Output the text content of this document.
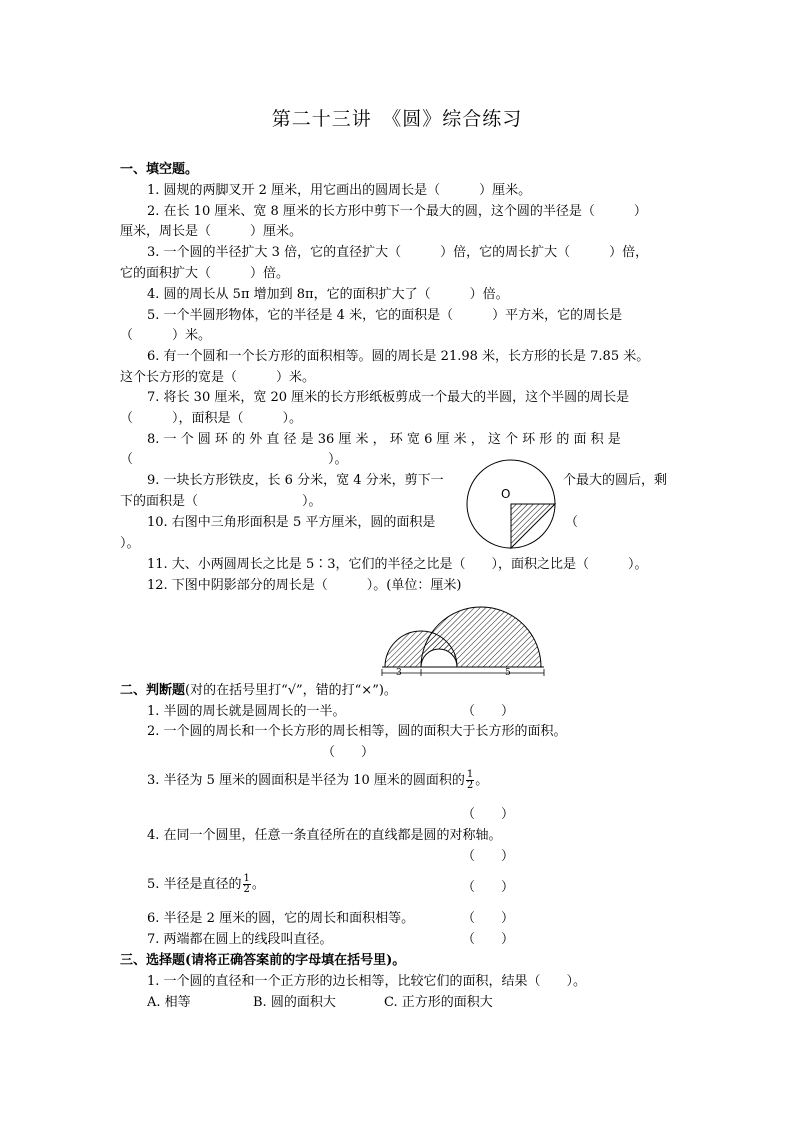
第二十三讲　《圆》综合练习
一、填空题。
1. 圆规的两脚叉开 2 厘米，用它画出的圆周长是（　　　）厘米。
2. 在长 10 厘米、宽 8 厘米的长方形中剪下一个最大的圆，这个圆的半径是（　　　）
厘米，周长是（　　　）厘米。
3. 一个圆的半径扩大 3 倍，它的直径扩大（　　　）倍，它的周长扩大（　　　）倍，
它的面积扩大（　　　）倍。
4. 圆的周长从 5π 增加到 8π，它的面积扩大了（　　　）倍。
5. 一个半圆形物体，它的半径是 4 米，它的面积是（　　　）平方米，它的周长是
（　　　）米。
6. 有一个圆和一个长方形的面积相等。圆的周长是 21.98 米，长方形的长是 7.85 米。
这个长方形的宽是（　　　）米。
7. 将长 30 厘米，宽 20 厘米的长方形纸板剪成一个最大的半圆，这个半圆的周长是
（　　　），面积是（　　　）。
8. 一 个 圆 环 的 外 直 径 是 36 厘 米 ， 环 宽 6 厘 米 ， 这 个 环 形 的 面 积 是
（　　　　　　　　　　　　　　　）。
9. 一块长方形铁皮，长 6 分米，宽 4 分米，剪下一	个最大的圆后，剩
下的面积是（　　　　　　　　）。
10. 右图中三角形面积是 5 平方厘米，圆的面积是	（
）。
O
11. 大、小两圆周长之比是 5∶3，它们的半径之比是（　　），面积之比是（　　　）。
12. 下图中阴影部分的周长是（　　　）。(单位：厘米)
3	5
二、判断题(对的在括号里打“√”，错的打“×”)。
1. 半圆的周长就是圆周长的一半。	（　　）
2. 一个圆的周长和一个长方形的周长相等，圆的面积大于长方形的面积。
（　　）
3. 半径为 5 厘米的圆面积是半径为 10 厘米的圆面积的 $\frac{1}{2}$ 。
（　　）
4. 在同一个圆里，任意一条直径所在的直线都是圆的对称轴。
（　　）
5. 半径是直径的 $\frac{1}{2}$ 。	（　　）
6. 半径是 2 厘米的圆，它的周长和面积相等。	（　　）
7. 两端都在圆上的线段叫直径。	（　　）
三、选择题(请将正确答案前的字母填在括号里)。
1. 一个圆的直径和一个正方形的边长相等，比较它们的面积，结果（　　）。
A. 相等	B. 圆的面积大	C. 正方形的面积大
